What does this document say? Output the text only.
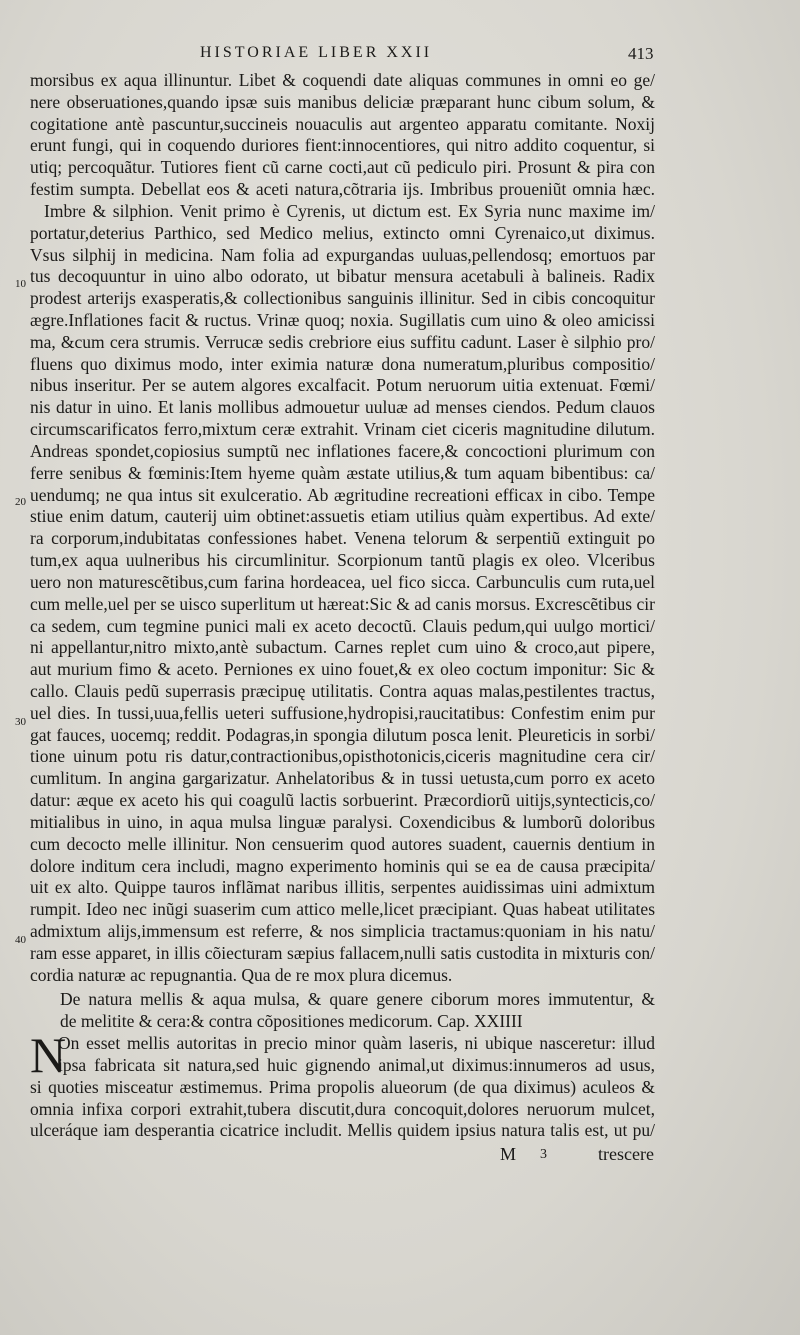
HISTORIAE LIBER XXII	413
morsibus ex aqua illinuntur. Libet & coquendi date aliquas communes in omni eo ge/
nere obseruationes,quando ipsæ suis manibus deliciæ præparant hunc cibum solum, &
cogitatione antè pascuntur,succineis nouaculis aut argenteo apparatu comitante. Noxij
erunt fungi, qui in coquendo duriores fient:innocentiores, qui nitro addito coquentur, si
utiq; percoquãtur. Tutiores fient cũ carne cocti,aut cũ pediculo piri. Prosunt & pira con
festim sumpta. Debellat eos & aceti natura,cõtraria ijs. Imbribus proueniũt omnia hæc.
Imbre & silphion. Venit primo è Cyrenis, ut dictum est. Ex Syria nunc maxime im/
portatur,deterius Parthico, sed Medico melius, extincto omni Cyrenaico,ut diximus.
Vsus silphij in medicina. Nam folia ad expurgandas uuluas,pellendosq; emortuos par
tus decoquuntur in uino albo odorato, ut bibatur mensura acetabuli à balineis. Radix
prodest arterijs exasperatis,& collectionibus sanguinis illinitur. Sed in cibis concoquitur
ægre.Inflationes facit & ructus. Vrinæ quoq; noxia. Sugillatis cum uino & oleo amicissi
ma, &cum cera strumis. Verrucæ sedis crebriore eius suffitu cadunt. Laser è silphio pro/
fluens quo diximus modo, inter eximia naturæ dona numeratum,pluribus compositio/
nibus inseritur. Per se autem algores excalfacit. Potum neruorum uitia extenuat. Fœmi/
nis datur in uino. Et lanis mollibus admouetur uuluæ ad menses ciendos. Pedum clauos
circumscarificatos ferro,mixtum ceræ extrahit. Vrinam ciet ciceris magnitudine dilutum.
Andreas spondet,copiosius sumptũ nec inflationes facere,& concoctioni plurimum con
ferre senibus & fœminis:Item hyeme quàm æstate utilius,& tum aquam bibentibus: ca/
uendumq; ne qua intus sit exulceratio. Ab ægritudine recreationi efficax in cibo. Tempe
stiue enim datum, cauterij uim obtinet:assuetis etiam utilius quàm expertibus. Ad exte/
ra corporum,indubitatas confessiones habet. Venena telorum & serpentiũ extinguit po
tum,ex aqua uulneribus his circumlinitur. Scorpionum tantũ plagis ex oleo. Vlceribus
uero non maturescẽtibus,cum farina hordeacea, uel fico sicca. Carbunculis cum ruta,uel
cum melle,uel per se uisco superlitum ut hæreat:Sic & ad canis morsus. Excrescẽtibus cir
ca sedem, cum tegmine punici mali ex aceto decoctũ. Clauis pedum,qui uulgo mortici/
ni appellantur,nitro mixto,antè subactum. Carnes replet cum uino & croco,aut pipere,
aut murium fimo & aceto. Perniones ex uino fouet,& ex oleo coctum imponitur: Sic &
callo. Clauis pedũ superrasis præcipuę utilitatis. Contra aquas malas,pestilentes tractus,
uel dies. In tussi,uua,fellis ueteri suffusione,hydropisi,raucitatibus: Confestim enim pur
gat fauces, uocemq; reddit. Podagras,in spongia dilutum posca lenit. Pleureticis in sorbi/
tione uinum potu ris datur,contractionibus,opisthotonicis,ciceris magnitudine cera cir/
cumlitum. In angina gargarizatur. Anhelatoribus & in tussi uetusta,cum porro ex aceto
datur: æque ex aceto his qui coagulũ lactis sorbuerint. Præcordiorũ uitijs,syntecticis,co/
mitialibus in uino, in aqua mulsa linguæ paralysi. Coxendicibus & lumborũ doloribus
cum decocto melle illinitur. Non censuerim quod autores suadent, cauernis dentium in
dolore inditum cera includi, magno experimento hominis qui se ea de causa præcipita/
uit ex alto. Quippe tauros inflãmat naribus illitis, serpentes auidissimas uini admixtum
rumpit. Ideo nec inũgi suaserim cum attico melle,licet præcipiant. Quas habeat utilitates
admixtum alijs,immensum est referre, & nos simplicia tractamus:quoniam in his natu/
ram esse apparet, in illis cõiecturam sæpius fallacem,nulli satis custodita in mixturis con/
cordia naturæ ac repugnantia. Qua de re mox plura dicemus.
De natura mellis & aqua mulsa, & quare genere ciborum mores immutentur, &
de melitite & cera:& contra cõpositiones medicorum. Cap. XXIIII
On esset mellis autoritas in precio minor quàm laseris, ni ubique nasceretur: illud
ipsa fabricata sit natura,sed huic gignendo animal,ut diximus:innumeros ad usus,
si quoties misceatur æstimemus. Prima propolis alueorum (de qua diximus) aculeos &
omnia infixa corpori extrahit,tubera discutit,dura concoquit,dolores neruorum mulcet,
ulceráque iam desperantia cicatrice includit. Mellis quidem ipsius natura talis est, ut pu/
10
20
30
40
N
M 3	trescere
